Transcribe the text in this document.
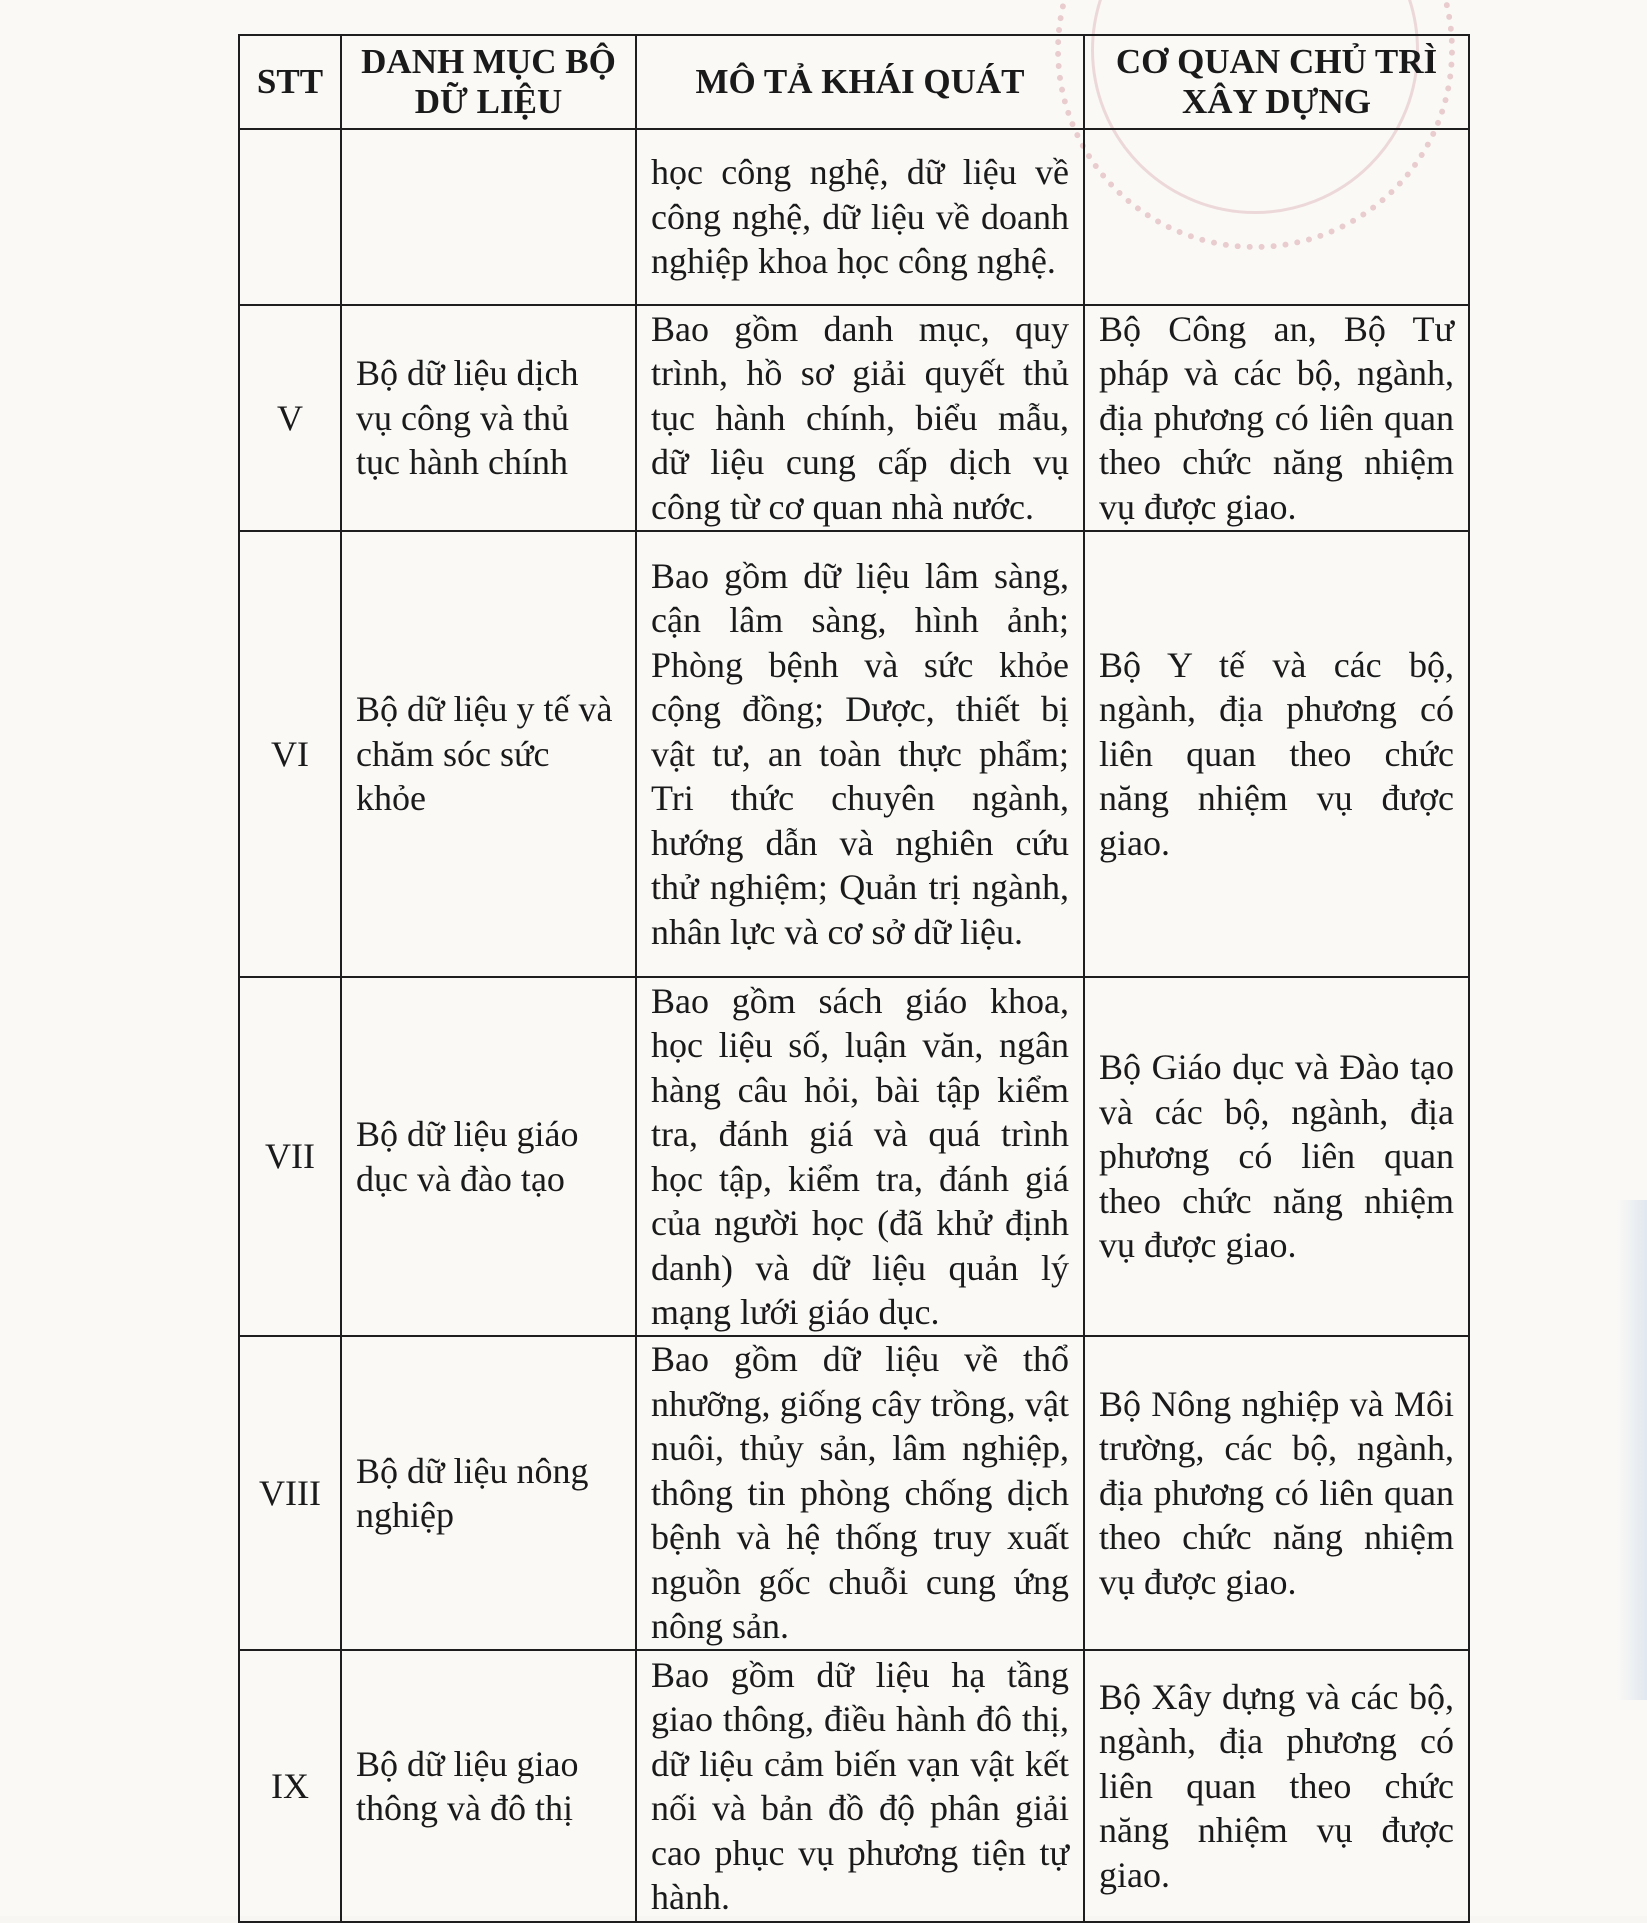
STT	DANH MỤC BỘ DỮ LIỆU	MÔ TẢ KHÁI QUÁT	CƠ QUAN CHỦ TRÌ XÂY DỰNG
		học công nghệ, dữ liệu về công nghệ, dữ liệu về doanh nghiệp khoa học công nghệ.	
V	Bộ dữ liệu dịch vụ công và thủ tục hành chính	Bao gồm danh mục, quy trình, hồ sơ giải quyết thủ tục hành chính, biểu mẫu, dữ liệu cung cấp dịch vụ công từ cơ quan nhà nước.	Bộ Công an, Bộ Tư pháp và các bộ, ngành, địa phương có liên quan theo chức năng nhiệm vụ được giao.
VI	Bộ dữ liệu y tế và chăm sóc sức khỏe	Bao gồm dữ liệu lâm sàng, cận lâm sàng, hình ảnh; Phòng bệnh và sức khỏe cộng đồng; Dược, thiết bị vật tư, an toàn thực phẩm; Tri thức chuyên ngành, hướng dẫn và nghiên cứu thử nghiệm; Quản trị ngành, nhân lực và cơ sở dữ liệu.	Bộ Y tế và các bộ, ngành, địa phương có liên quan theo chức năng nhiệm vụ được giao.
VII	Bộ dữ liệu giáo dục và đào tạo	Bao gồm sách giáo khoa, học liệu số, luận văn, ngân hàng câu hỏi, bài tập kiểm tra, đánh giá và quá trình học tập, kiểm tra, đánh giá của người học (đã khử định danh) và dữ liệu quản lý mạng lưới giáo dục.	Bộ Giáo dục và Đào tạo và các bộ, ngành, địa phương có liên quan theo chức năng nhiệm vụ được giao.
VIII	Bộ dữ liệu nông nghiệp	Bao gồm dữ liệu về thổ nhưỡng, giống cây trồng, vật nuôi, thủy sản, lâm nghiệp, thông tin phòng chống dịch bệnh và hệ thống truy xuất nguồn gốc chuỗi cung ứng nông sản.	Bộ Nông nghiệp và Môi trường, các bộ, ngành, địa phương có liên quan theo chức năng nhiệm vụ được giao.
IX	Bộ dữ liệu giao thông và đô thị	Bao gồm dữ liệu hạ tầng giao thông, điều hành đô thị, dữ liệu cảm biến vạn vật kết nối và bản đồ độ phân giải cao phục vụ phương tiện tự hành.	Bộ Xây dựng và các bộ, ngành, địa phương có liên quan theo chức năng nhiệm vụ được giao.
